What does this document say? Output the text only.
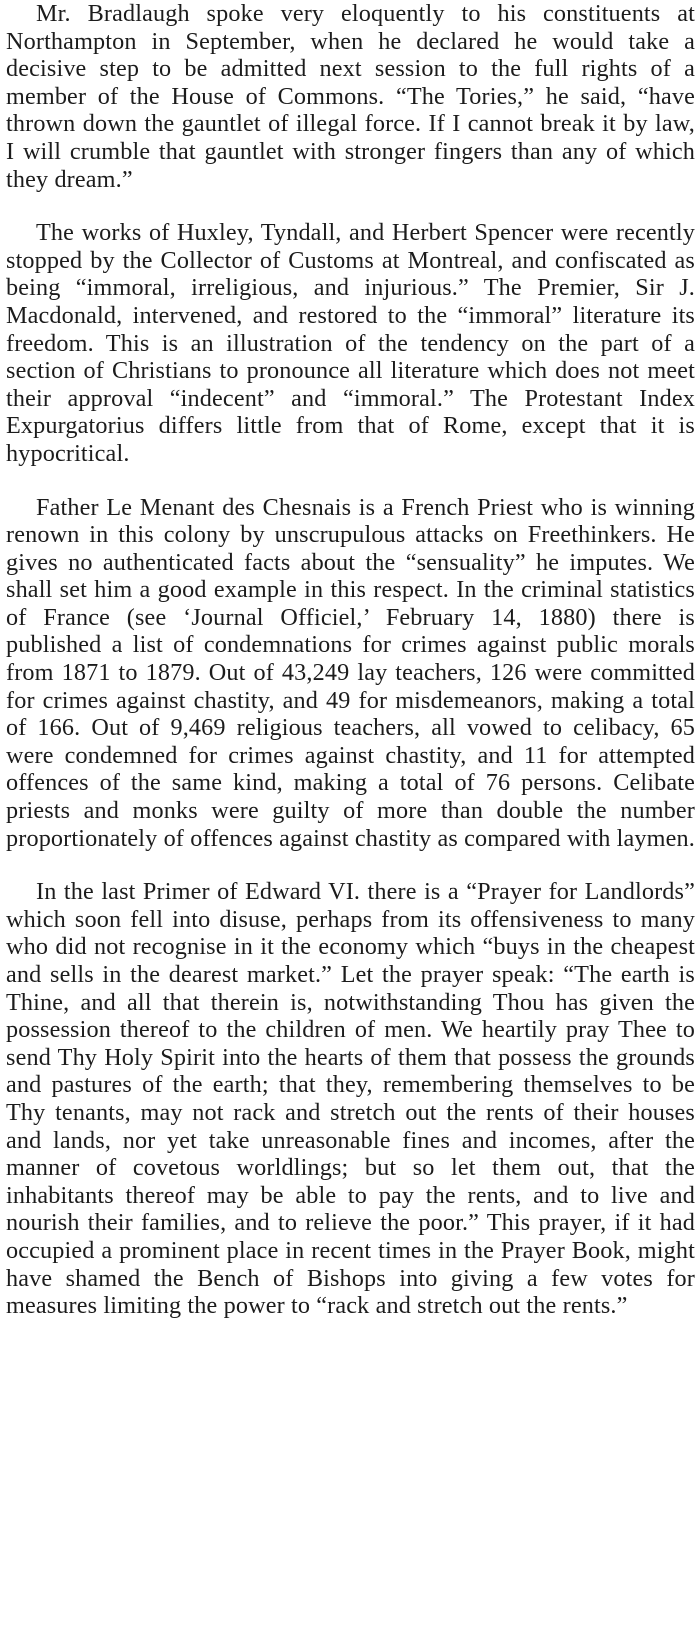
Mr. Bradlaugh spoke very eloquently to his constituents at Northampton in September, when he declared he would take a decisive step to be admitted next session to the full rights of a member of the House of Commons. “The Tories,” he said, “have thrown down the gauntlet of illegal force. If I cannot break it by law, I will crumble that gauntlet with stronger fingers than any of which they dream.”

The works of Huxley, Tyndall, and Herbert Spencer were recently stopped by the Collector of Customs at Montreal, and confiscated as being “immoral, irreligious, and injurious.” The Premier, Sir J. Macdonald, intervened, and restored to the “immoral” literature its freedom. This is an illustration of the tendency on the part of a section of Christians to pronounce all literature which does not meet their approval “indecent” and “immoral.” The Protestant Index Expurgatorius differs little from that of Rome, except that it is hypocritical.

Father Le Menant des Chesnais is a French Priest who is winning renown in this colony by unscrupulous attacks on Freethinkers. He gives no authenticated facts about the “sensuality” he imputes. We shall set him a good example in this respect. In the criminal statistics of France (see ‘Journal Officiel,’ February 14, 1880) there is published a list of condemnations for crimes against public morals from 1871 to 1879. Out of 43,249 lay teachers, 126 were committed for crimes against chastity, and 49 for misdemeanors, making a total of 166. Out of 9,469 religious teachers, all vowed to celibacy, 65 were condemned for crimes against chastity, and 11 for attempted offences of the same kind, making a total of 76 persons. Celibate priests and monks were guilty of more than double the number proportionately of offences against chastity as compared with laymen.

In the last Primer of Edward VI. there is a “Prayer for Landlords” which soon fell into disuse, perhaps from its offensiveness to many who did not recognise in it the economy which “buys in the cheapest and sells in the dearest market.” Let the prayer speak: “The earth is Thine, and all that therein is, notwithstanding Thou has given the possession thereof to the children of men. We heartily pray Thee to send Thy Holy Spirit into the hearts of them that possess the grounds and pastures of the earth; that they, remembering themselves to be Thy tenants, may not rack and stretch out the rents of their houses and lands, nor yet take unreasonable fines and incomes, after the manner of covetous worldlings; but so let them out, that the inhabitants thereof may be able to pay the rents, and to live and nourish their families, and to relieve the poor.” This prayer, if it had occupied a prominent place in recent times in the Prayer Book, might have shamed the Bench of Bishops into giving a few votes for measures limiting the power to “rack and stretch out the rents.”
